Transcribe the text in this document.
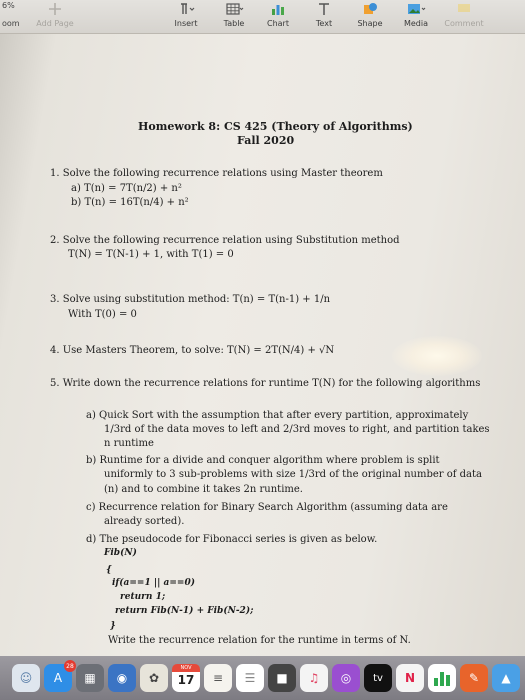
6%
oom	Add Page	Insert	Table	Chart	Text	Shape	Media	Comment
Homework 8: CS 425 (Theory of Algorithms)
Fall 2020
1. Solve the following recurrence relations using Master theorem
a) T(n) = 7T(n/2) + n²
b) T(n) = 16T(n/4) + n²
2. Solve the following recurrence relation using Substitution method
T(N) = T(N-1) + 1, with T(1) = 0
3. Solve using substitution method: T(n) = T(n-1) + 1/n
With T(0) = 0
4. Use Masters Theorem, to solve: T(N) = 2T(N/4) + √N
5. Write down the recurrence relations for runtime T(N) for the following algorithms
a) Quick Sort with the assumption that after every partition, approximately
1/3rd of the data moves to left and 2/3rd moves to right, and partition takes
n runtime
b) Runtime for a divide and conquer algorithm where problem is split
uniformly to 3 sub-problems with size 1/3rd of the original number of data
(n) and to combine it takes 2n runtime.
c) Recurrence relation for Binary Search Algorithm (assuming data are
already sorted).
d) The pseudocode for Fibonacci series is given as below.
Fib(N)
{
if(a==1 || a==0)
return 1;
return Fib(N-1) + Fib(N-2);
}
Write the recurrence relation for the runtime in terms of N.
☺	A
28
▦	◉	✿
NOV
17	≡	☰	■	♫	◎	tv	N	✎	▲
